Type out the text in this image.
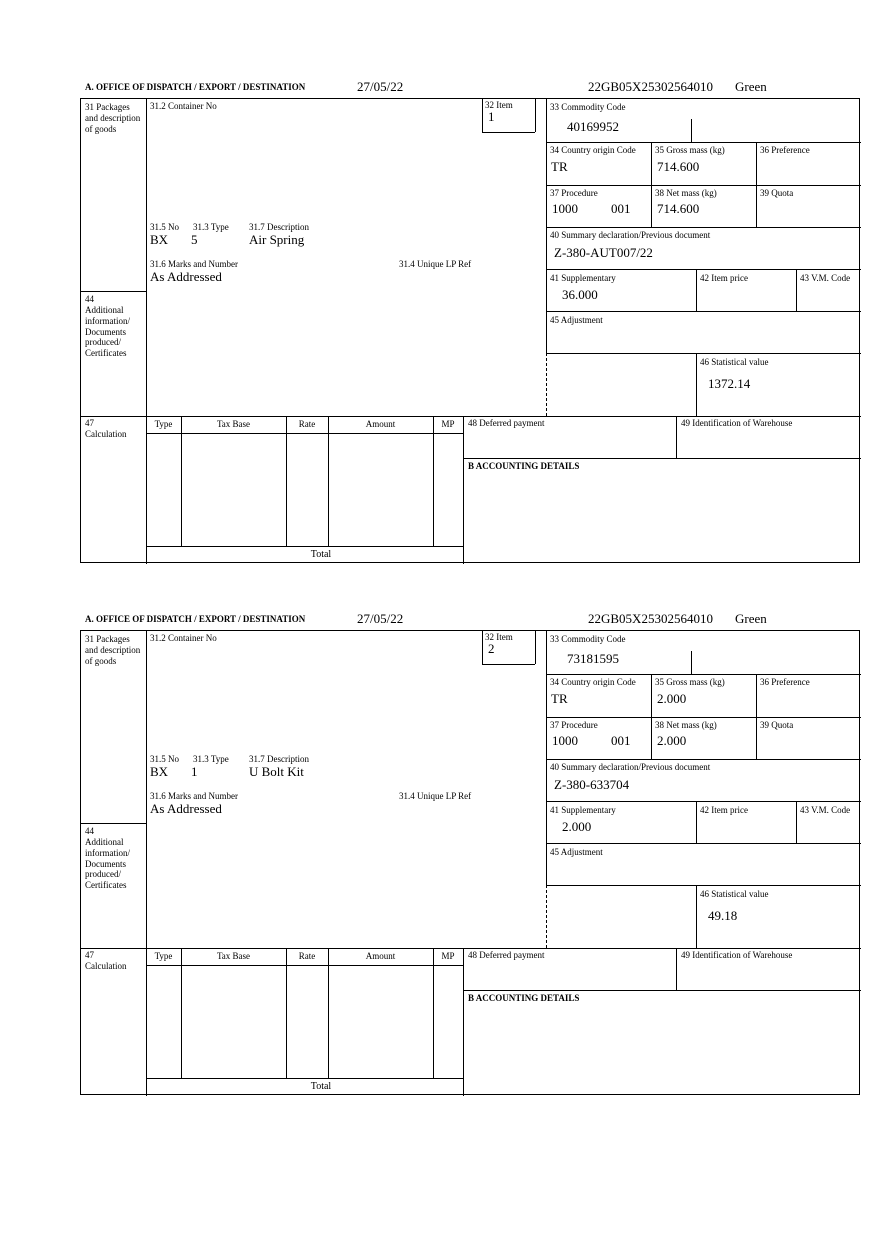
A. OFFICE OF DISPATCH / EXPORT / DESTINATION	27/05/22	22GB05X25302564010 Green
31 Packages and description of goods
44
Additional information/ Documents produced/ Certificates
47
Calculation
31.2 Container No	32 Item
1
31.5 No 31.3 Type 31.7 Description
BX 5	Air Spring
31.6 Marks and Number	31.4 Unique LP Ref
As Addressed
33 Commodity Code
40169952
34 Country origin Code
TR
35 Gross mass (kg)
714.600
36 Preference
37 Procedure
1000	001
38 Net mass (kg)
714.600
39 Quota
40 Summary declaration/Previous document
Z-380-AUT007/22
41 Supplementary
36.000
42 Item price	43 V.M. Code
45 Adjustment
46 Statistical value
1372.14
Type	Tax Base	Rate	Amount	MP
Total
48 Deferred payment	49 Identification of Warehouse
B ACCOUNTING DETAILS
A. OFFICE OF DISPATCH / EXPORT / DESTINATION	27/05/22	22GB05X25302564010 Green
31 Packages and description of goods
44
Additional information/ Documents produced/ Certificates
47
Calculation
31.2 Container No	32 Item
2
31.5 No 31.3 Type 31.7 Description
BX 1	U Bolt Kit
31.6 Marks and Number	31.4 Unique LP Ref
As Addressed
33 Commodity Code
73181595
34 Country origin Code
TR
35 Gross mass (kg)
2.000
36 Preference
37 Procedure
1000	001
38 Net mass (kg)
2.000
39 Quota
40 Summary declaration/Previous document
Z-380-633704
41 Supplementary
2.000
42 Item price	43 V.M. Code
45 Adjustment
46 Statistical value
49.18
Type	Tax Base	Rate	Amount	MP
Total
48 Deferred payment	49 Identification of Warehouse
B ACCOUNTING DETAILS
